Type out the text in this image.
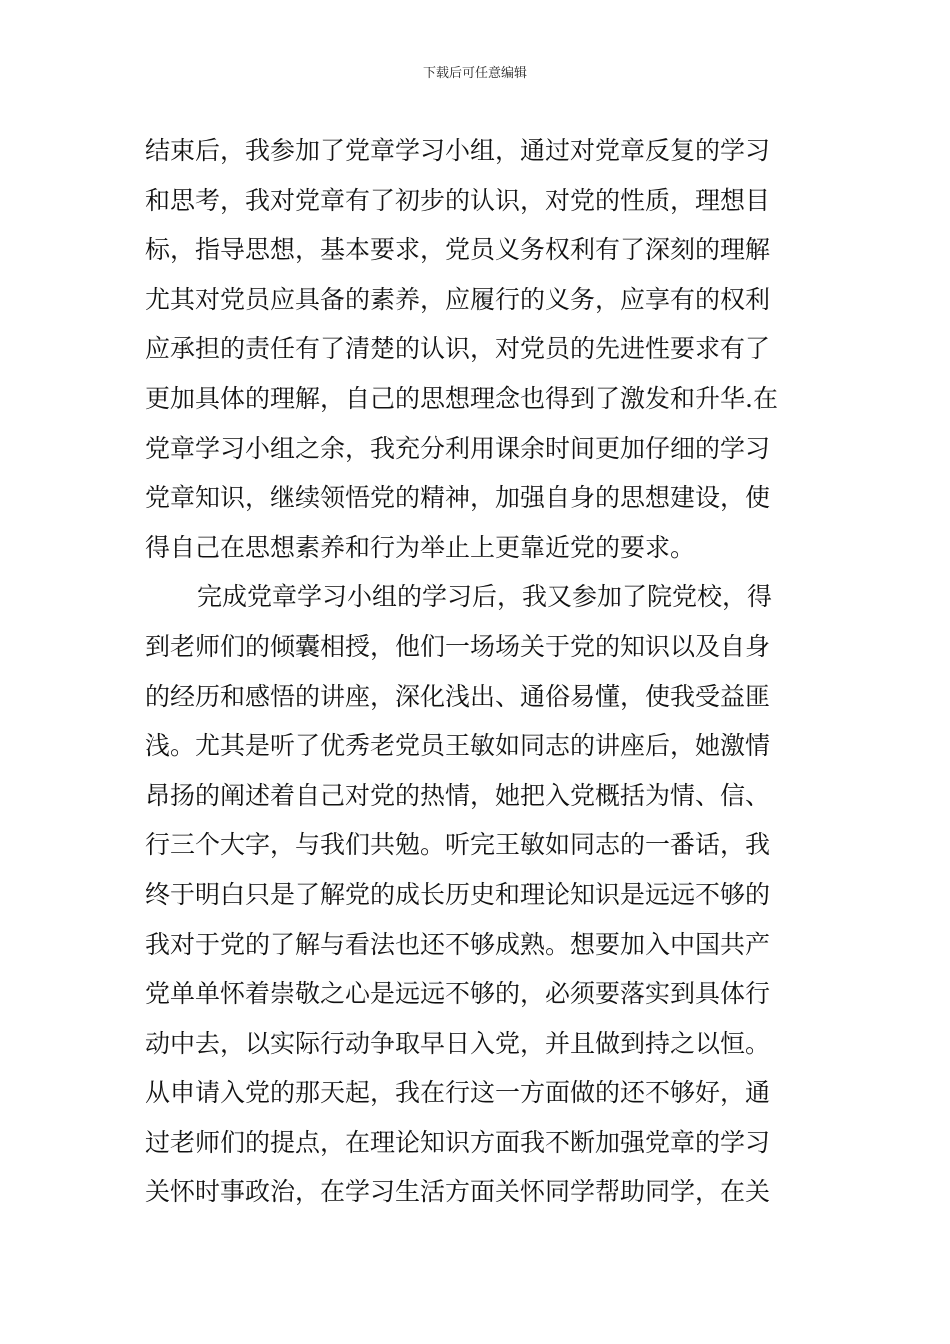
下载后可任意编辑
结束后，我参加了党章学习小组，通过对党章反复的学习
和思考，我对党章有了初步的认识，对党的性质，理想目
标，指导思想，基本要求，党员义务权利有了深刻的理解
尤其对党员应具备的素养，应履行的义务，应享有的权利
应承担的责任有了清楚的认识，对党员的先进性要求有了
更加具体的理解，自己的思想理念也得到了激发和升华.在
党章学习小组之余，我充分利用课余时间更加仔细的学习
党章知识，继续领悟党的精神，加强自身的思想建设，使
得自己在思想素养和行为举止上更靠近党的要求。
完成党章学习小组的学习后，我又参加了院党校，得
到老师们的倾囊相授，他们一场场关于党的知识以及自身
的经历和感悟的讲座，深化浅出、通俗易懂，使我受益匪
浅。尤其是听了优秀老党员王敏如同志的讲座后，她激情
昂扬的阐述着自己对党的热情，她把入党概括为情、信、
行三个大字，与我们共勉。听完王敏如同志的一番话，我
终于明白只是了解党的成长历史和理论知识是远远不够的
我对于党的了解与看法也还不够成熟。想要加入中国共产
党单单怀着崇敬之心是远远不够的，必须要落实到具体行
动中去，以实际行动争取早日入党，并且做到持之以恒。
从申请入党的那天起，我在行这一方面做的还不够好，通
过老师们的提点，在理论知识方面我不断加强党章的学习
关怀时事政治，在学习生活方面关怀同学帮助同学，在关
